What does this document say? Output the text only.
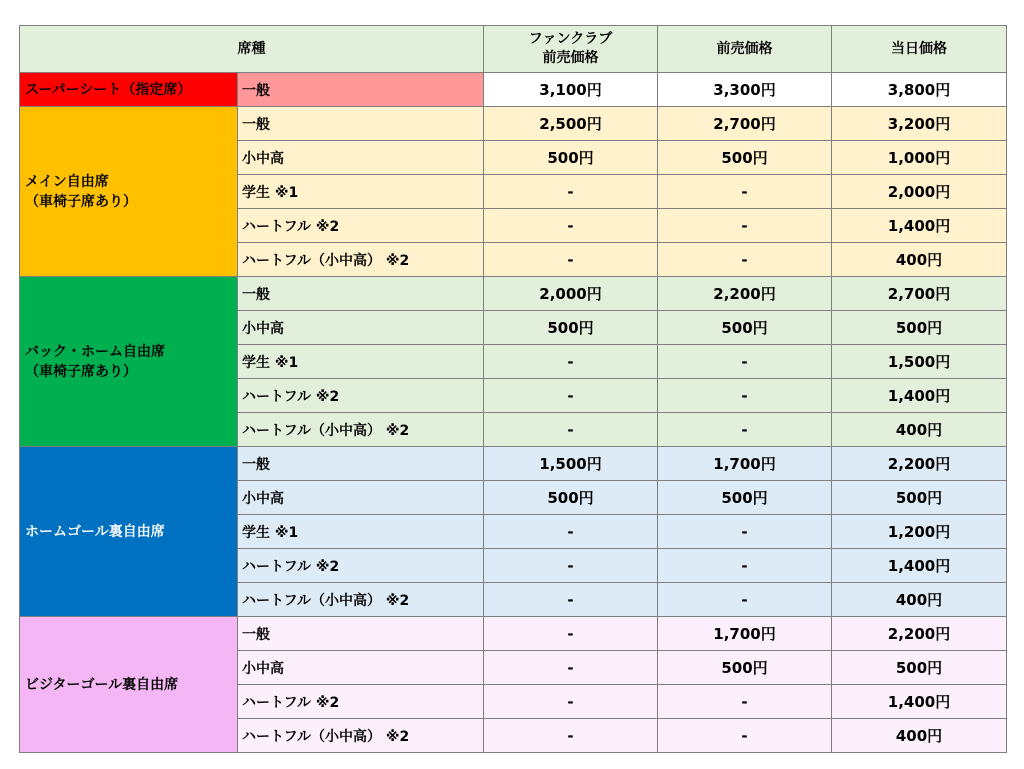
席種		ファンクラブ
前売価格	前売価格	当日価格

スーパーシート（指定席）	一般	3,100円	3,300円	3,800円

メイン自由席
（車椅子席あり）	一般	2,500円	2,700円	3,200円
	小中高	500円	500円	1,000円
	学生 ※1	-	-	2,000円
	ハートフル ※2	-	-	1,400円
	ハートフル（小中高） ※2	-	-	400円

バック・ホーム自由席
（車椅子席あり）	一般	2,000円	2,200円	2,700円
	小中高	500円	500円	500円
	学生 ※1	-	-	1,500円
	ハートフル ※2	-	-	1,400円
	ハートフル（小中高） ※2	-	-	400円

ホームゴール裏自由席	一般	1,500円	1,700円	2,200円
	小中高	500円	500円	500円
	学生 ※1	-	-	1,200円
	ハートフル ※2	-	-	1,400円
	ハートフル（小中高） ※2	-	-	400円

ビジターゴール裏自由席	一般	-	1,700円	2,200円
	小中高	-	500円	500円
	ハートフル ※2	-	-	1,400円
	ハートフル（小中高） ※2	-	-	400円
